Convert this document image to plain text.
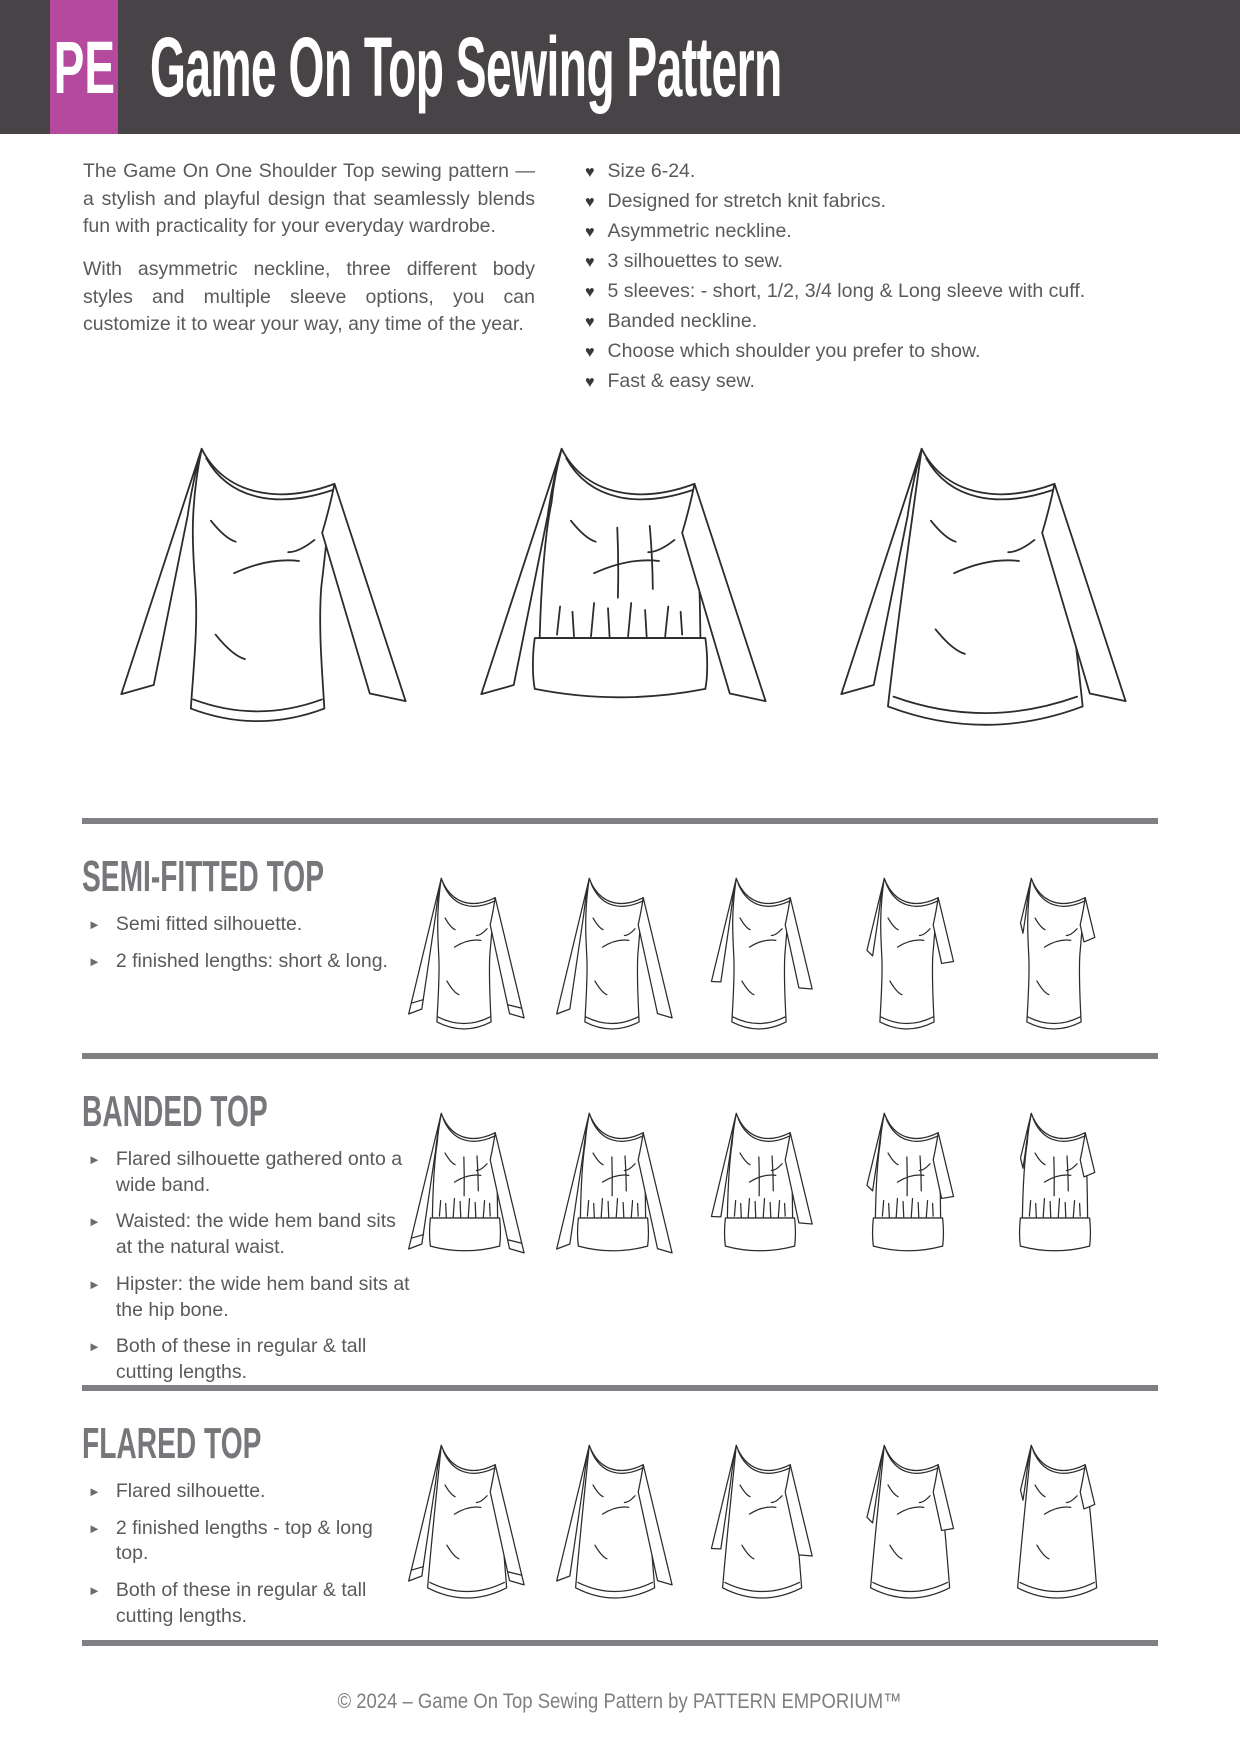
PE Game On Top Sewing Pattern

The Game On One Shoulder Top sewing pattern — a stylish and playful design that seamlessly blends fun with practicality for your everyday wardrobe.

With asymmetric neckline, three different body styles and multiple sleeve options, you can customize it to wear your way, any time of the year.

♥ Size 6-24.
♥ Designed for stretch knit fabrics.
♥ Asymmetric neckline.
♥ 3 silhouettes to sew.
♥ 5 sleeves: - short, 1/2, 3/4 long & Long sleeve with cuff.
♥ Banded neckline.
♥ Choose which shoulder you prefer to show.
♥ Fast & easy sew.
SEMI-FITTED TOP
► Semi fitted silhouette.
► 2 finished lengths: short & long.
BANDED TOP
► Flared silhouette gathered onto a wide band.
► Waisted: the wide hem band sits at the natural waist.
► Hipster: the wide hem band sits at the hip bone.
► Both of these in regular & tall cutting lengths.
FLARED TOP
► Flared silhouette.
► 2 finished lengths - top & long top.
► Both of these in regular & tall cutting lengths.
© 2024 – Game On Top Sewing Pattern by PATTERN EMPORIUM™
